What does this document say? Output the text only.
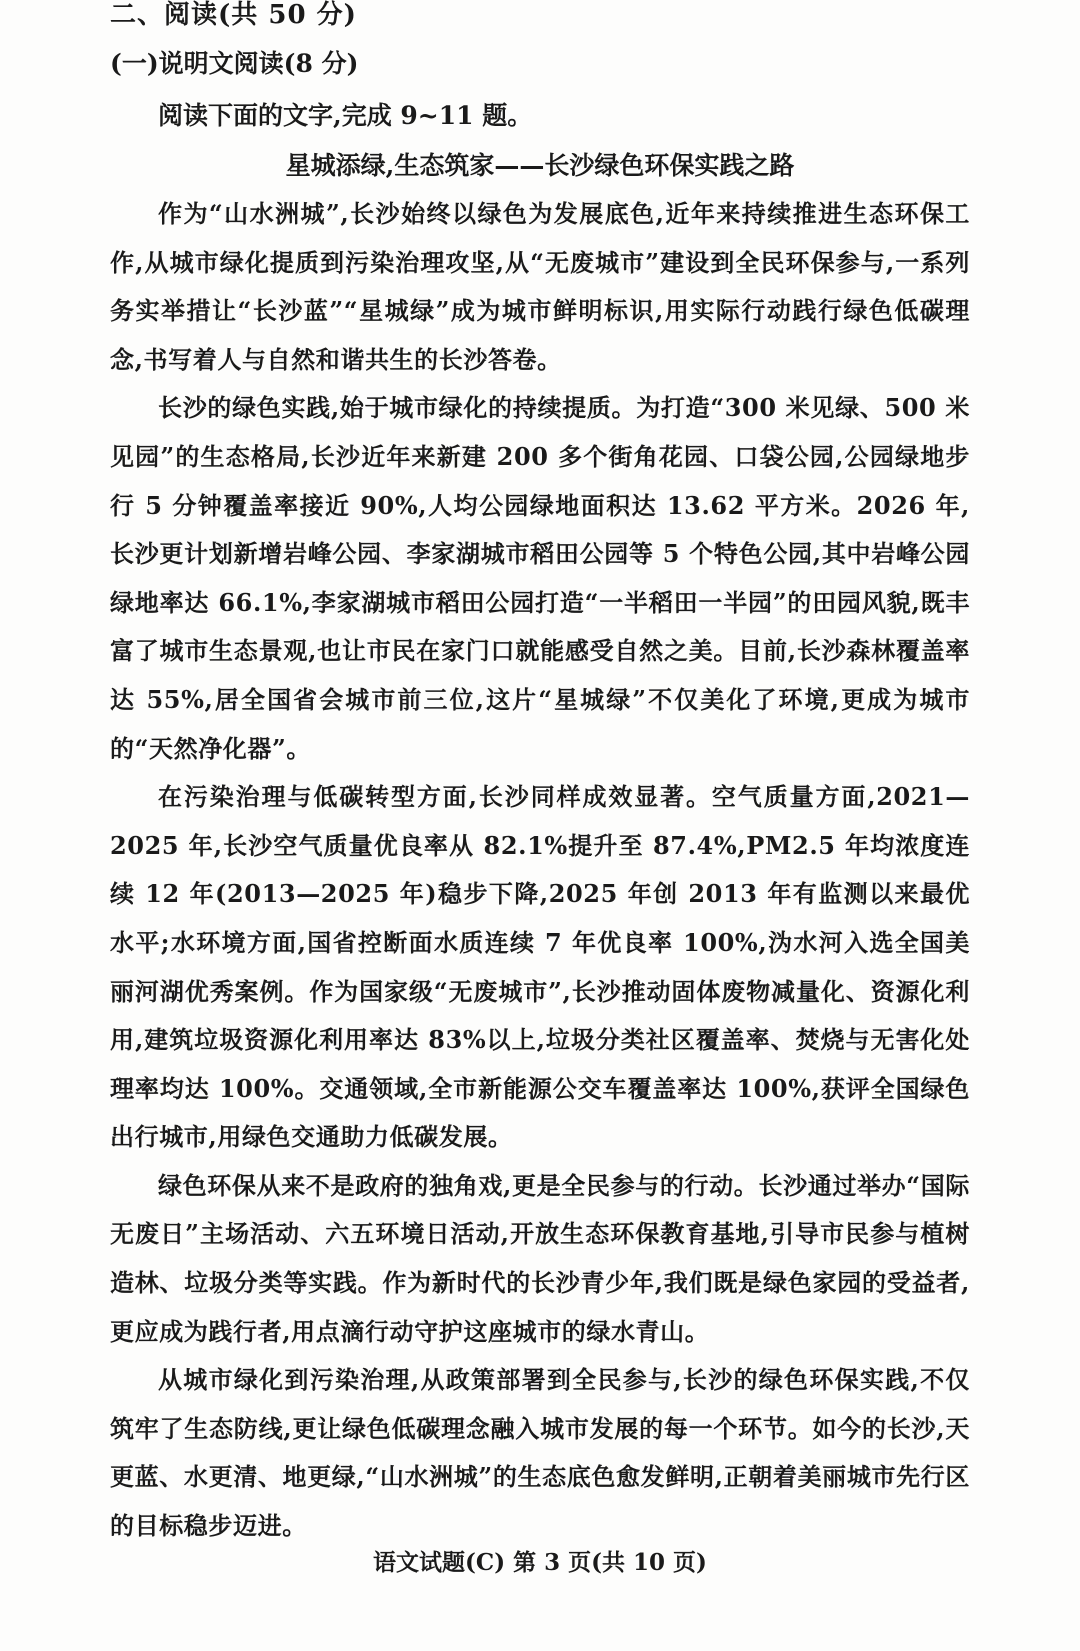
二、阅读(共 50 分)
(一)说明文阅读(8 分)
阅读下面的文字,完成 9~11 题。
星城添绿,生态筑家——长沙绿色环保实践之路

作为“山水洲城”,长沙始终以绿色为发展底色,近年来持续推进生态环保工作,从城市绿化提质到污染治理攻坚,从“无废城市”建设到全民环保参与,一系列务实举措让“长沙蓝”“星城绿”成为城市鲜明标识,用实际行动践行绿色低碳理念,书写着人与自然和谐共生的长沙答卷。

长沙的绿色实践,始于城市绿化的持续提质。为打造“300 米见绿、500 米见园”的生态格局,长沙近年来新建 200 多个街角花园、口袋公园,公园绿地步行 5 分钟覆盖率接近 90%,人均公园绿地面积达 13.62 平方米。2026 年,长沙更计划新增岩峰公园、李家湖城市稻田公园等 5 个特色公园,其中岩峰公园绿地率达 66.1%,李家湖城市稻田公园打造“一半稻田一半园”的田园风貌,既丰富了城市生态景观,也让市民在家门口就能感受自然之美。目前,长沙森林覆盖率达 55%,居全国省会城市前三位,这片“星城绿”不仅美化了环境,更成为城市的“天然净化器”。

在污染治理与低碳转型方面,长沙同样成效显著。空气质量方面,2021—2025 年,长沙空气质量优良率从 82.1%提升至 87.4%,PM2.5 年均浓度连续 12 年(2013—2025 年)稳步下降,2025 年创 2013 年有监测以来最优水平;水环境方面,国省控断面水质连续 7 年优良率 100%,沩水河入选全国美丽河湖优秀案例。作为国家级“无废城市”,长沙推动固体废物减量化、资源化利用,建筑垃圾资源化利用率达 83%以上,垃圾分类社区覆盖率、焚烧与无害化处理率均达 100%。交通领域,全市新能源公交车覆盖率达 100%,获评全国绿色出行城市,用绿色交通助力低碳发展。

绿色环保从来不是政府的独角戏,更是全民参与的行动。长沙通过举办“国际无废日”主场活动、六五环境日活动,开放生态环保教育基地,引导市民参与植树造林、垃圾分类等实践。作为新时代的长沙青少年,我们既是绿色家园的受益者,更应成为践行者,用点滴行动守护这座城市的绿水青山。

从城市绿化到污染治理,从政策部署到全民参与,长沙的绿色环保实践,不仅筑牢了生态防线,更让绿色低碳理念融入城市发展的每一个环节。如今的长沙,天更蓝、水更清、地更绿,“山水洲城”的生态底色愈发鲜明,正朝着美丽城市先行区的目标稳步迈进。

语文试题(C) 第 3 页(共 10 页)
